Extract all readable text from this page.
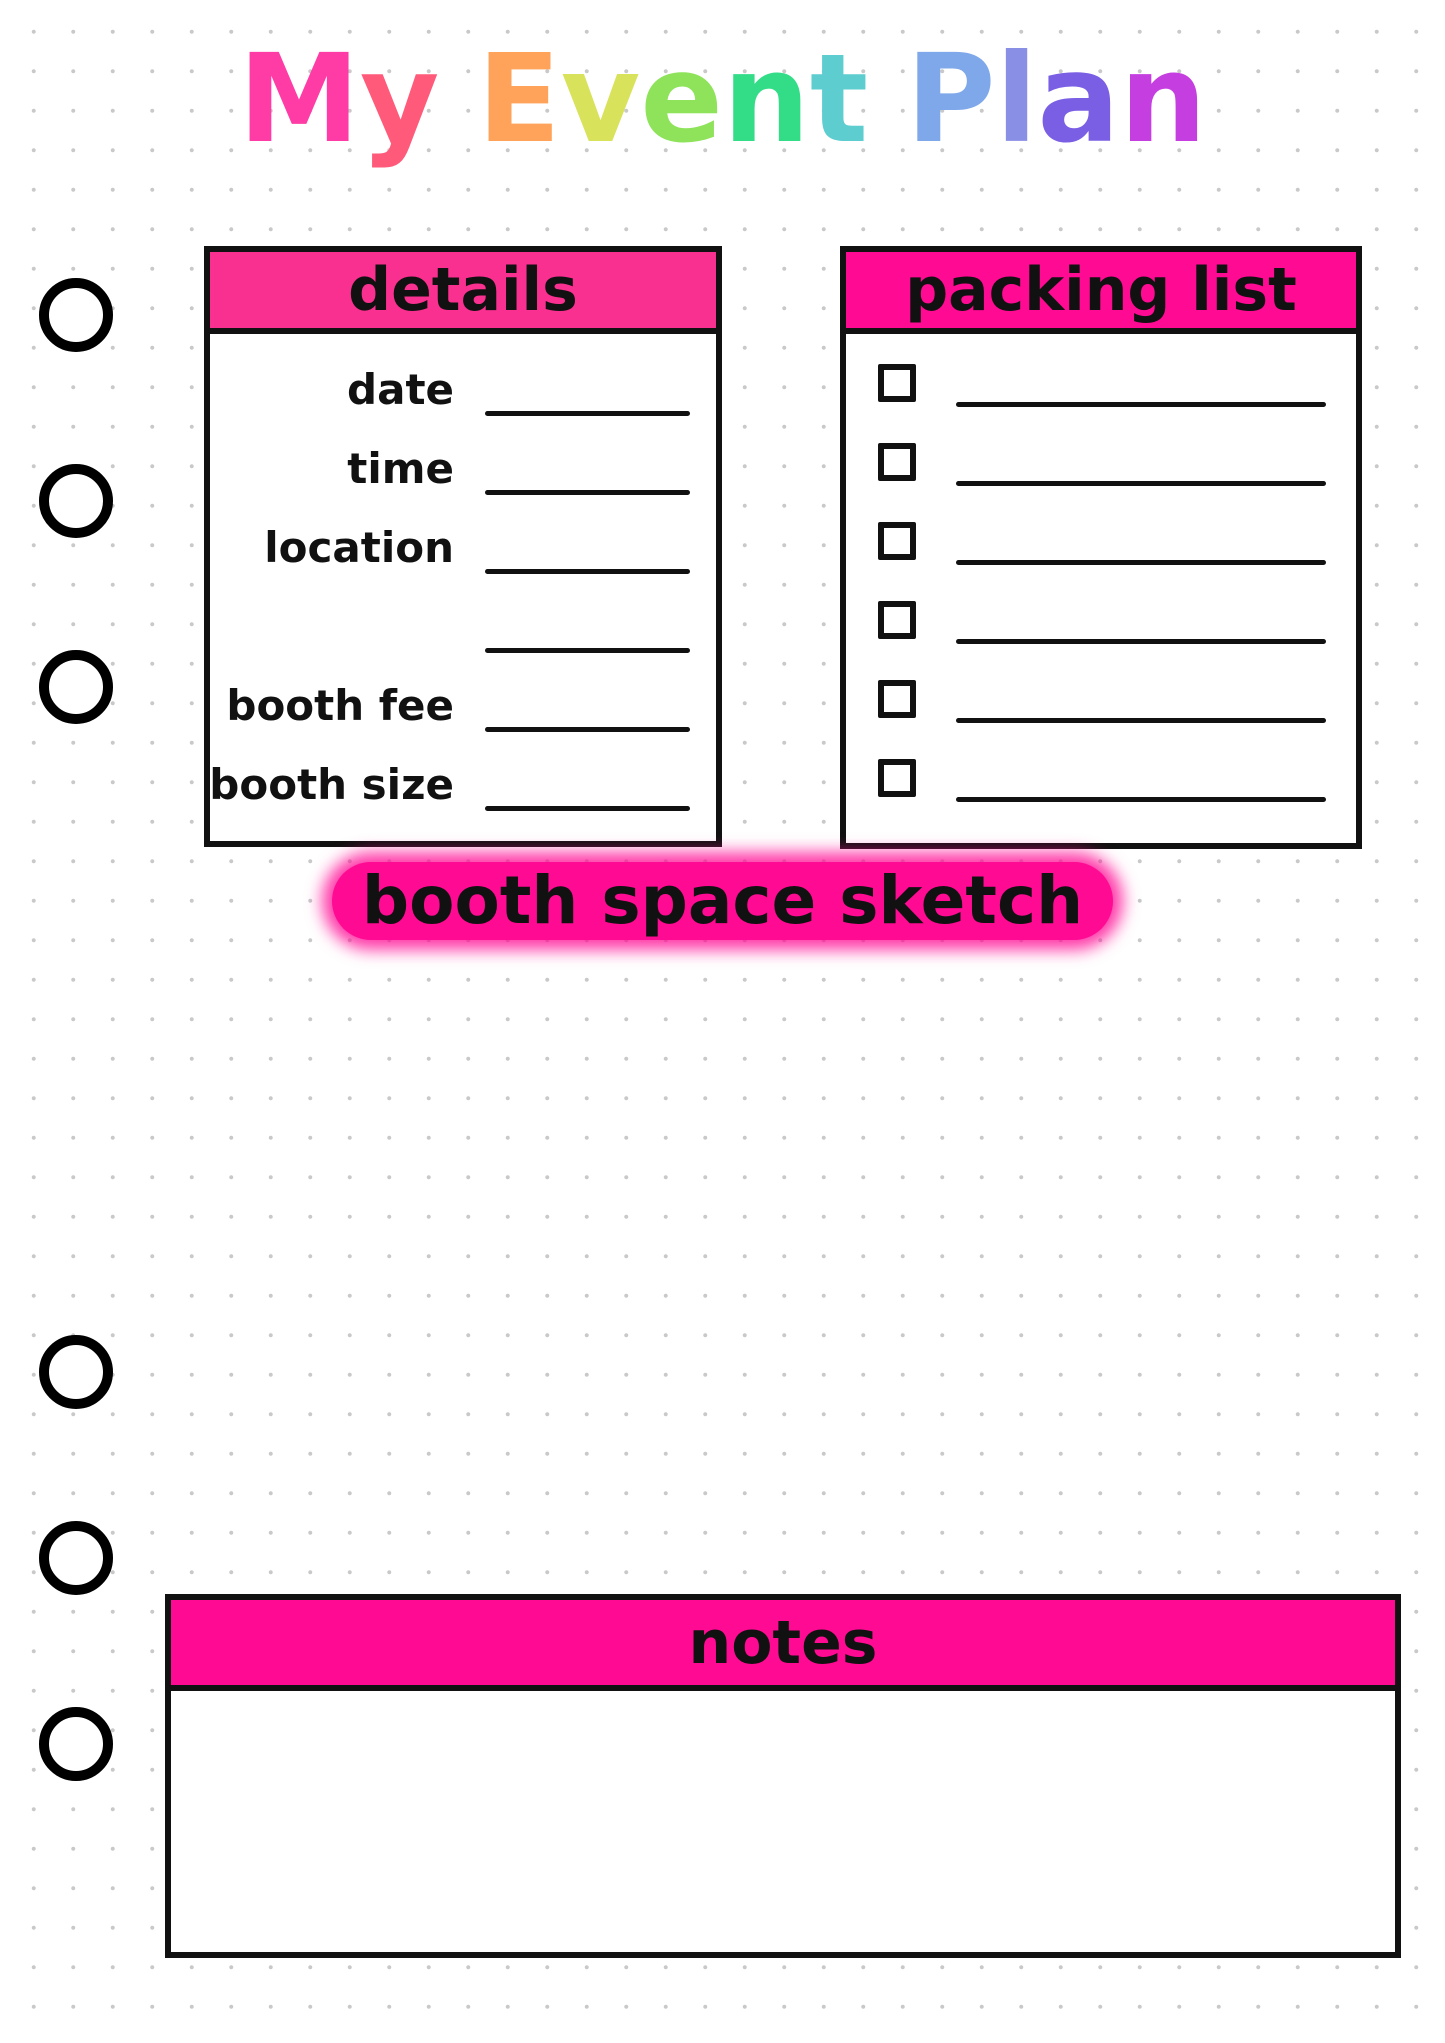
My Event Plan
details
date
time
location
booth fee
booth size
packing list
booth space sketch
notes
